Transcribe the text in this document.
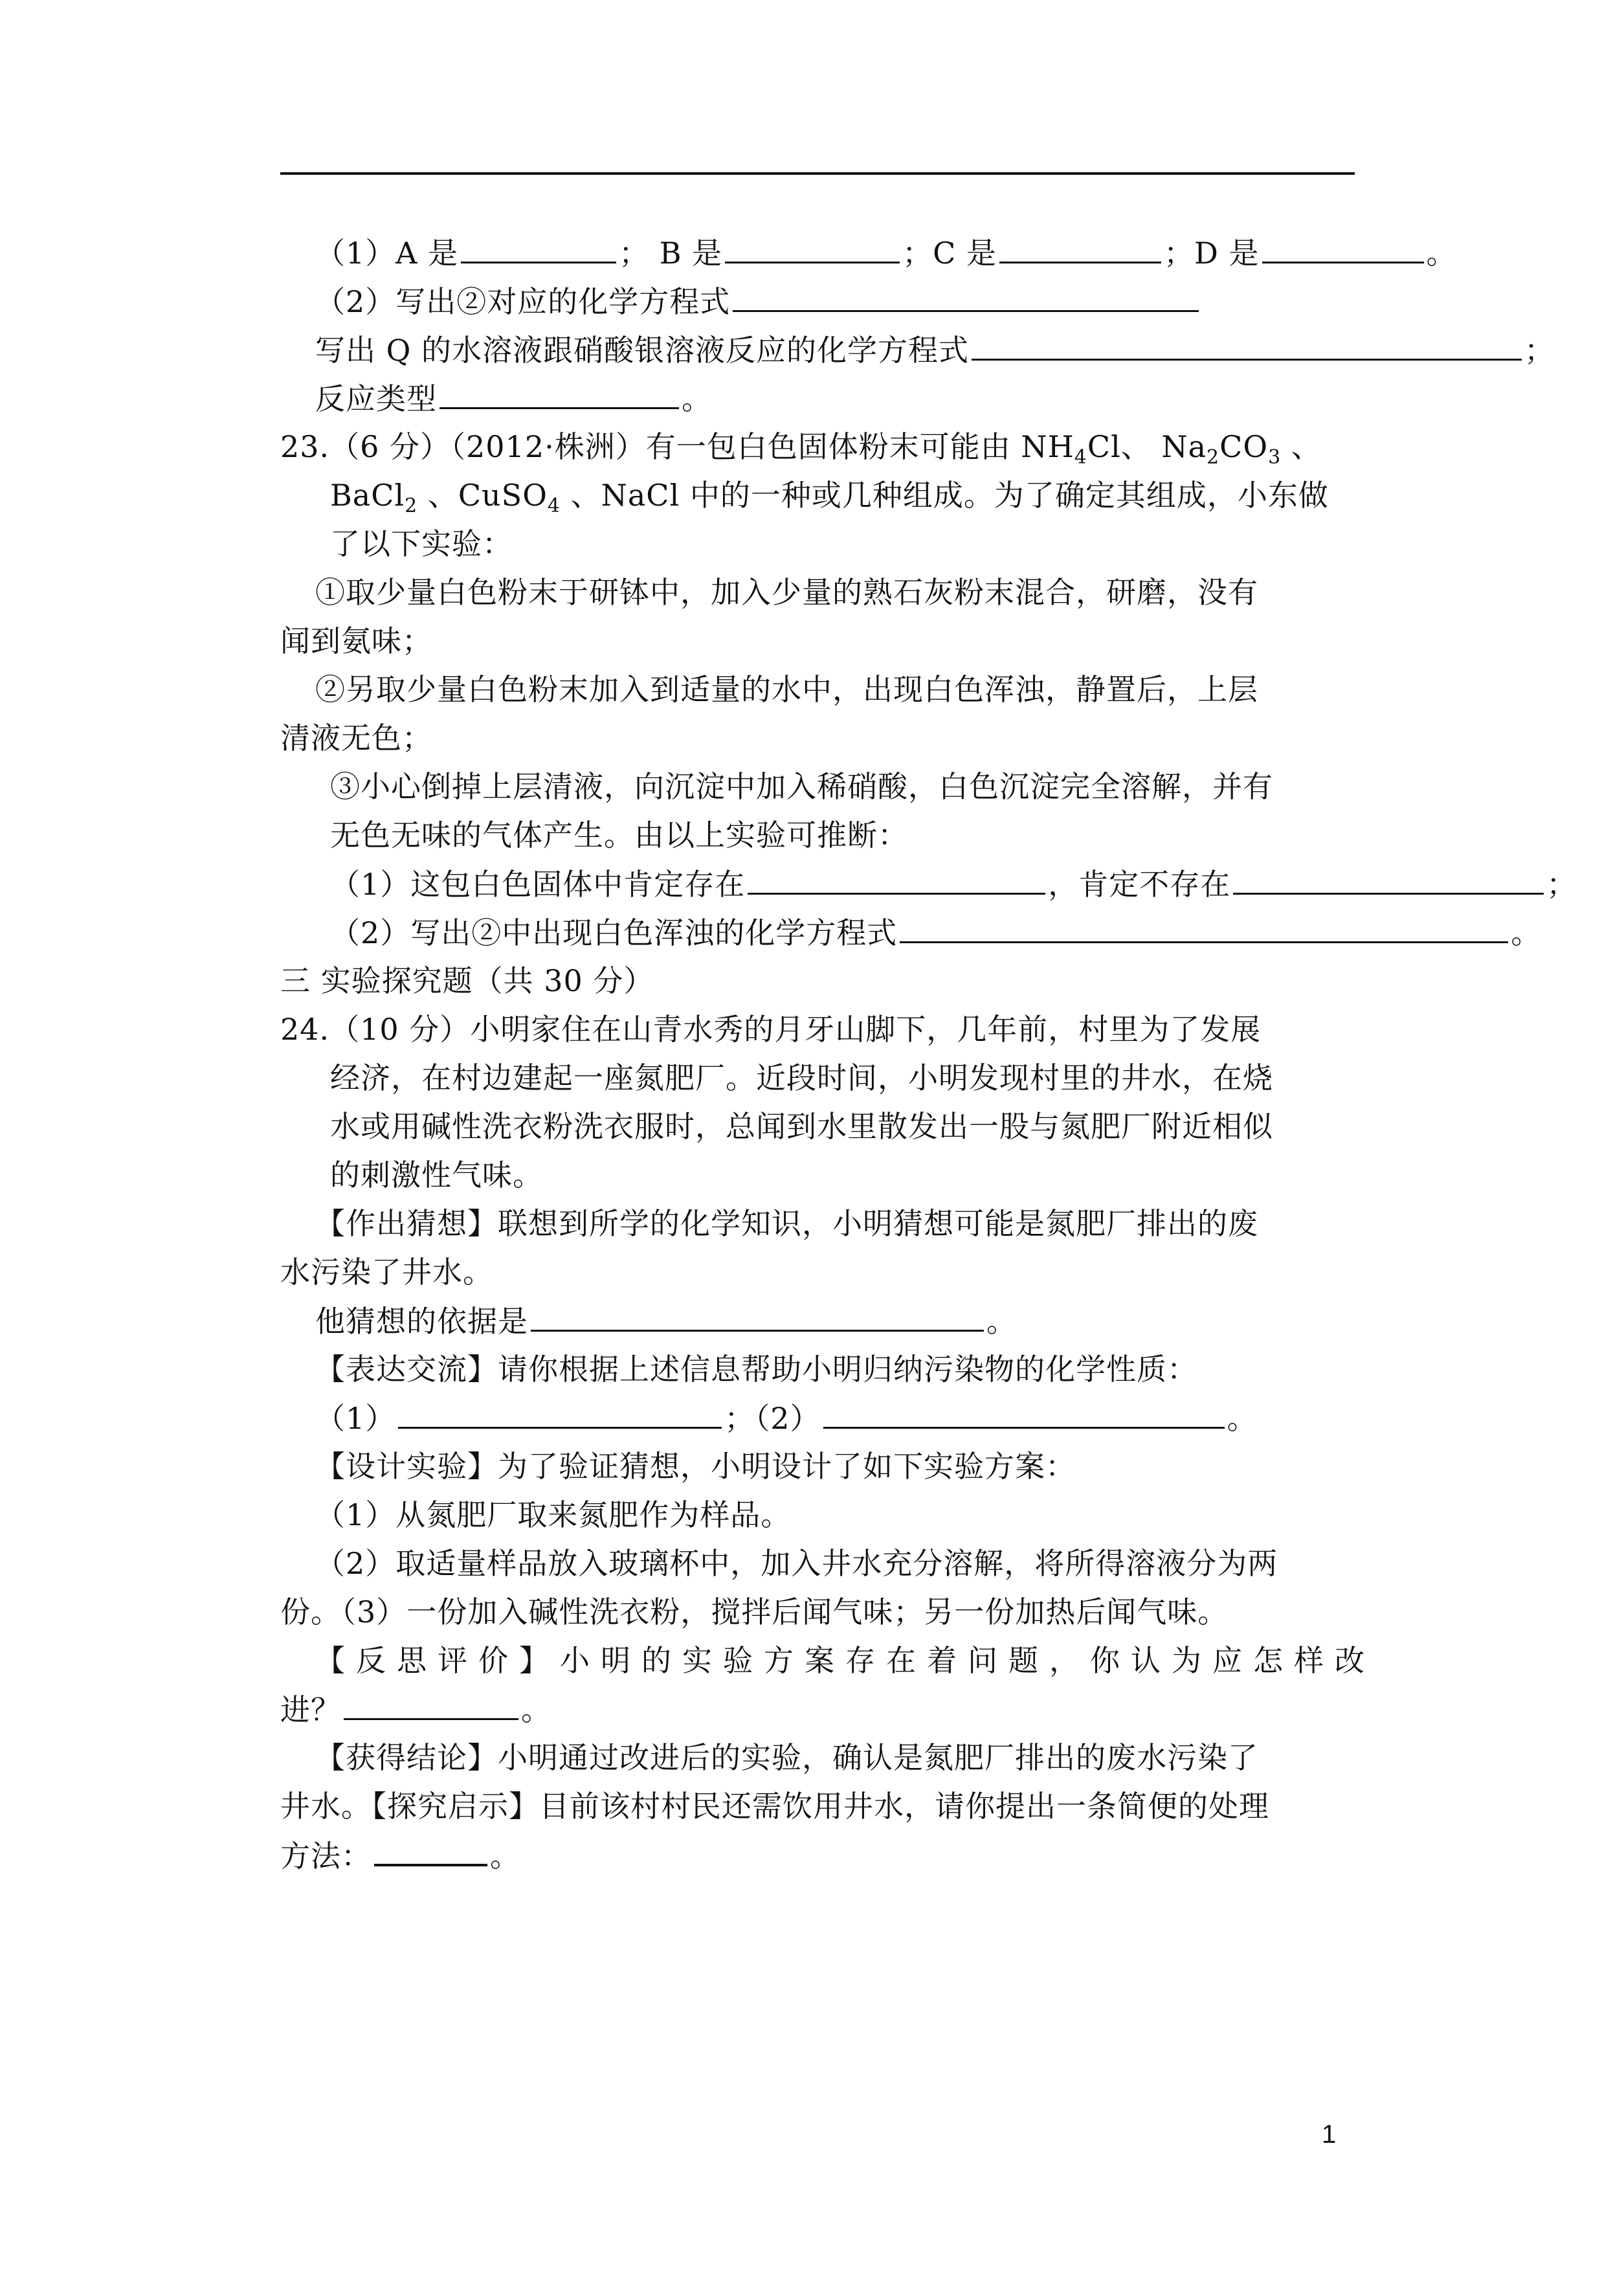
（1）A 是	； B 是	；C 是	；D 是	。
（2）写出②对应的化学方程式
写出 Q 的水溶液跟硝酸银溶液反应的化学方程式	；
反应类型	。
23.（6 分）（2012·株洲）有一包白色固体粉末可能由 $NH_4Cl$、 $Na_2CO_3$ 、
BaCl$_2$ 、CuSO$_4$ 、NaCl 中的一种或几种组成。为了确定其组成，小东做
了以下实验：
①取少量白色粉末于研钵中，加入少量的熟石灰粉末混合，研磨，没有
闻到氨味；
②另取少量白色粉末加入到适量的水中，出现白色浑浊，静置后，上层
清液无色；
③小心倒掉上层清液，向沉淀中加入稀硝酸，白色沉淀完全溶解，并有
无色无味的气体产生。由以上实验可推断：
（1）这包白色固体中肯定存在	，肯定不存在	；
（2）写出②中出现白色浑浊的化学方程式	。
三 实验探究题（共 30 分）
24.（10 分）小明家住在山青水秀的月牙山脚下，几年前，村里为了发展
经济，在村边建起一座氮肥厂。近段时间，小明发现村里的井水，在烧
水或用碱性洗衣粉洗衣服时，总闻到水里散发出一股与氮肥厂附近相似
的刺激性气味。
【作出猜想】联想到所学的化学知识，小明猜想可能是氮肥厂排出的废
水污染了井水。
他猜想的依据是	。
【表达交流】请你根据上述信息帮助小明归纳污染物的化学性质：
（1）	；（2）	。
【设计实验】为了验证猜想，小明设计了如下实验方案：
（1）从氮肥厂取来氮肥作为样品。
（2）取适量样品放入玻璃杯中，加入井水充分溶解，将所得溶液分为两
份。（3）一份加入碱性洗衣粉，搅拌后闻气味；另一份加热后闻气味。
【反思评价】小明的实验方案存在着问题，你认为应怎样改
进？	。
【获得结论】小明通过改进后的实验，确认是氮肥厂排出的废水污染了
井水。【探究启示】目前该村村民还需饮用井水，请你提出一条简便的处理
方法：	。
1
